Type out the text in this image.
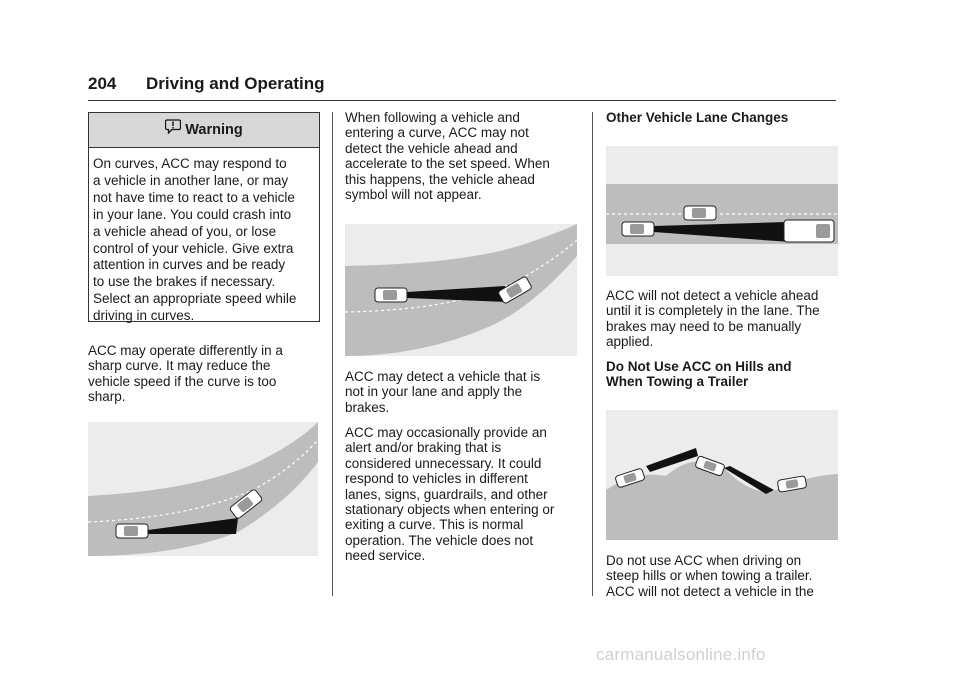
204 Driving and Operating
Warning
On curves, ACC may respond to
a vehicle in another lane, or may
not have time to react to a vehicle
in your lane. You could crash into
a vehicle ahead of you, or lose
control of your vehicle. Give extra
attention in curves and be ready
to use the brakes if necessary.
Select an appropriate speed while
driving in curves.

ACC may operate differently in a

sharp curve. It may reduce the

vehicle speed if the curve is too

sharp.

When following a vehicle and

entering a curve, ACC may not

detect the vehicle ahead and

accelerate to the set speed. When

this happens, the vehicle ahead

symbol will not appear.

ACC may detect a vehicle that is

not in your lane and apply the

brakes.

ACC may occasionally provide an

alert and/or braking that is

considered unnecessary. It could

respond to vehicles in different

lanes, signs, guardrails, and other

stationary objects when entering or

exiting a curve. This is normal

operation. The vehicle does not

need service.

Other Vehicle Lane Changes

ACC will not detect a vehicle ahead

until it is completely in the lane. The

brakes may need to be manually

applied.

Do Not Use ACC on Hills and

When Towing a Trailer

Do not use ACC when driving on

steep hills or when towing a trailer.

ACC will not detect a vehicle in the

carmanualsonline.info
